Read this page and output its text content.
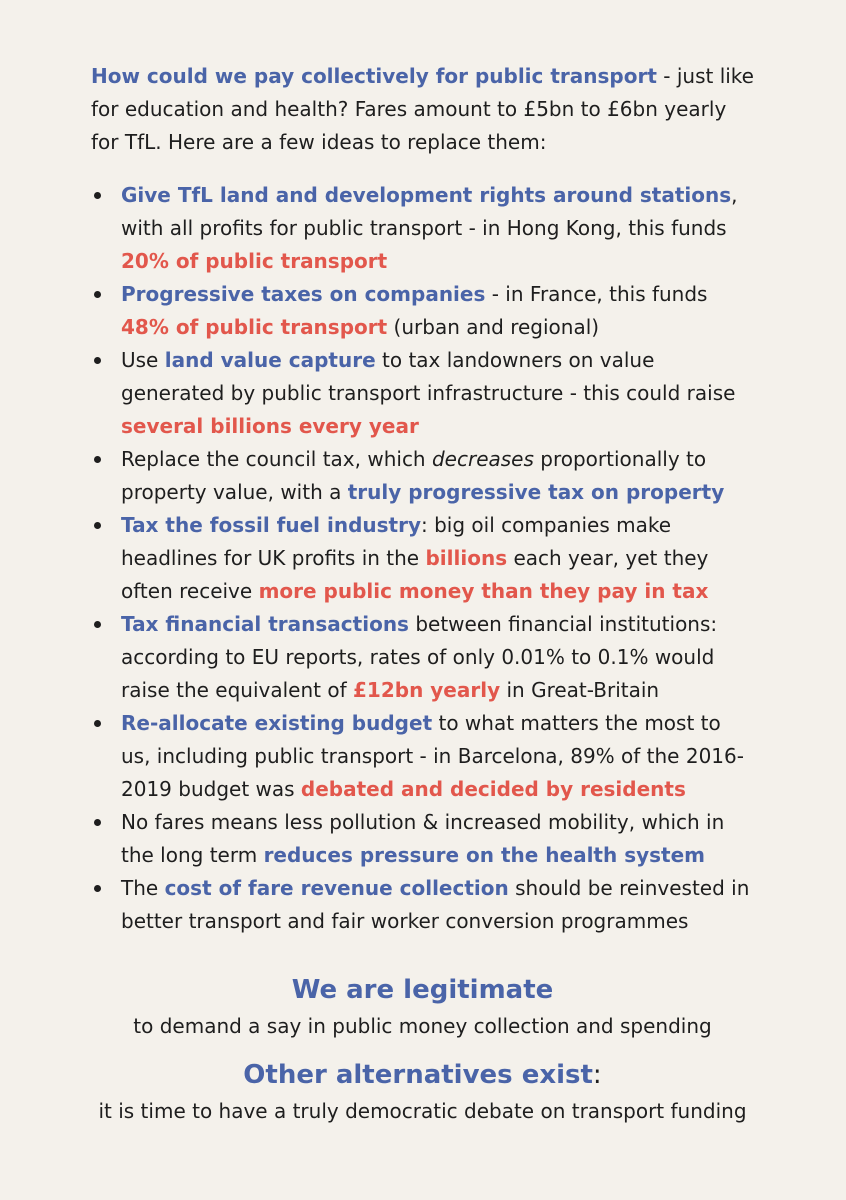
How could we pay collectively for public transport - just like for education and health? Fares amount to £5bn to £6bn yearly for TfL. Here are a few ideas to replace them:

Give TfL land and development rights around stations, with all profits for public transport - in Hong Kong, this funds 20% of public transport
Progressive taxes on companies - in France, this funds 48% of public transport (urban and regional)
Use land value capture to tax landowners on value generated by public transport infrastructure - this could raise several billions every year
Replace the council tax, which decreases proportionally to property value, with a truly progressive tax on property
Tax the fossil fuel industry: big oil companies make headlines for UK profits in the billions each year, yet they often receive more public money than they pay in tax
Tax financial transactions between financial institutions: according to EU reports, rates of only 0.01% to 0.1% would raise the equivalent of £12bn yearly in Great-Britain
Re-allocate existing budget to what matters the most to us, including public transport - in Barcelona, 89% of the 2016-2019 budget was debated and decided by residents
No fares means less pollution & increased mobility, which in the long term reduces pressure on the health system
The cost of fare revenue collection should be reinvested in better transport and fair worker conversion programmes
We are legitimate

to demand a say in public money collection and spending

Other alternatives exist:

it is time to have a truly democratic debate on transport funding
